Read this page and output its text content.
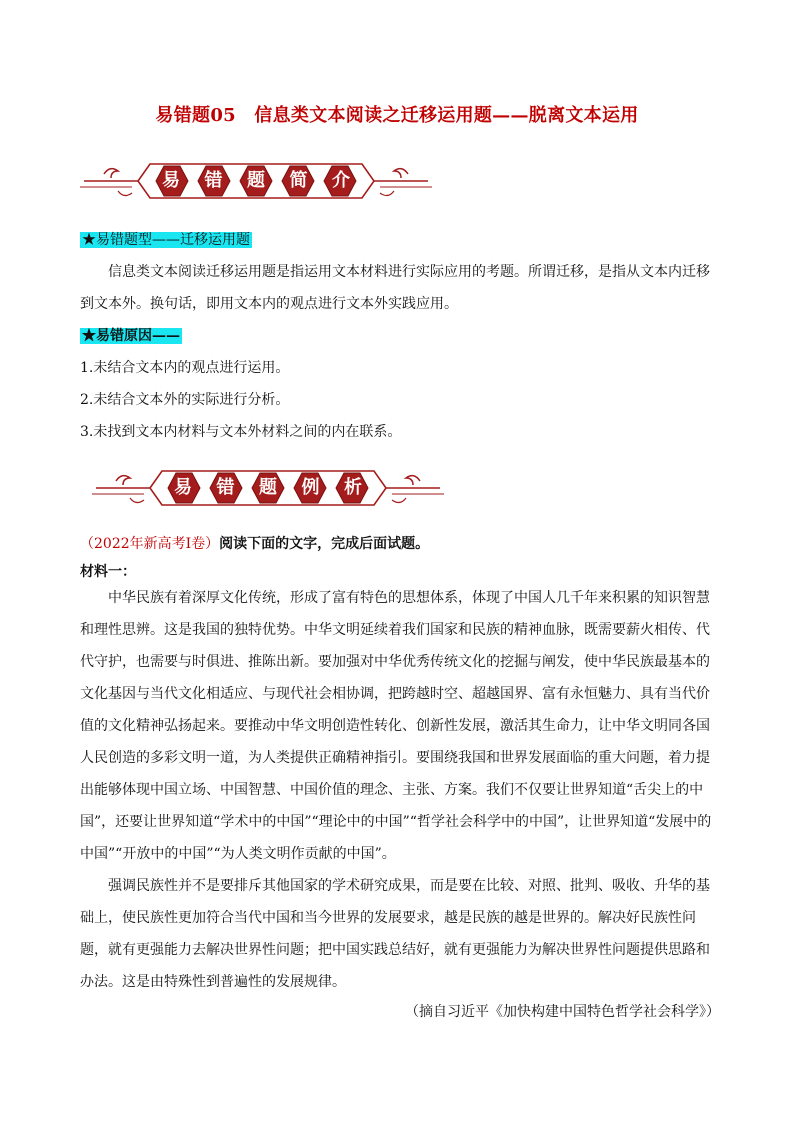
易错题05　信息类文本阅读之迁移运用题——脱离文本运用
易	错	题	简	介

★易错题型——迁移运用题

信息类文本阅读迁移运用题是指运用文本材料进行实际应用的考题。所谓迁移，是指从文本内迁移到文本外。换句话，即用文本内的观点进行文本外实践应用。

★易错原因——

1.未结合文本内的观点进行运用。

2.未结合文本外的实际进行分析。

3.未找到文本内材料与文本外材料之间的内在联系。

易	错	题	例	析

（2022年新高考Ⅰ卷）阅读下面的文字，完成后面试题。

材料一：

中华民族有着深厚文化传统，形成了富有特色的思想体系，体现了中国人几千年来积累的知识智慧和理性思辨。这是我国的独特优势。中华文明延续着我们国家和民族的精神血脉，既需要薪火相传、代代守护，也需要与时俱进、推陈出新。要加强对中华优秀传统文化的挖掘与阐发，使中华民族最基本的文化基因与当代文化相适应、与现代社会相协调，把跨越时空、超越国界、富有永恒魅力、具有当代价值的文化精神弘扬起来。要推动中华文明创造性转化、创新性发展，激活其生命力，让中华文明同各国人民创造的多彩文明一道，为人类提供正确精神指引。要围绕我国和世界发展面临的重大问题，着力提出能够体现中国立场、中国智慧、中国价值的理念、主张、方案。我们不仅要让世界知道“舌尖上的中国”，还要让世界知道“学术中的中国”“理论中的中国”“哲学社会科学中的中国”，让世界知道“发展中的中国”“开放中的中国”“为人类文明作贡献的中国”。

强调民族性并不是要排斥其他国家的学术研究成果，而是要在比较、对照、批判、吸收、升华的基础上，使民族性更加符合当代中国和当今世界的发展要求，越是民族的越是世界的。解决好民族性问题，就有更强能力去解决世界性问题；把中国实践总结好，就有更强能力为解决世界性问题提供思路和办法。这是由特殊性到普遍性的发展规律。

（摘自习近平《加快构建中国特色哲学社会科学》）
